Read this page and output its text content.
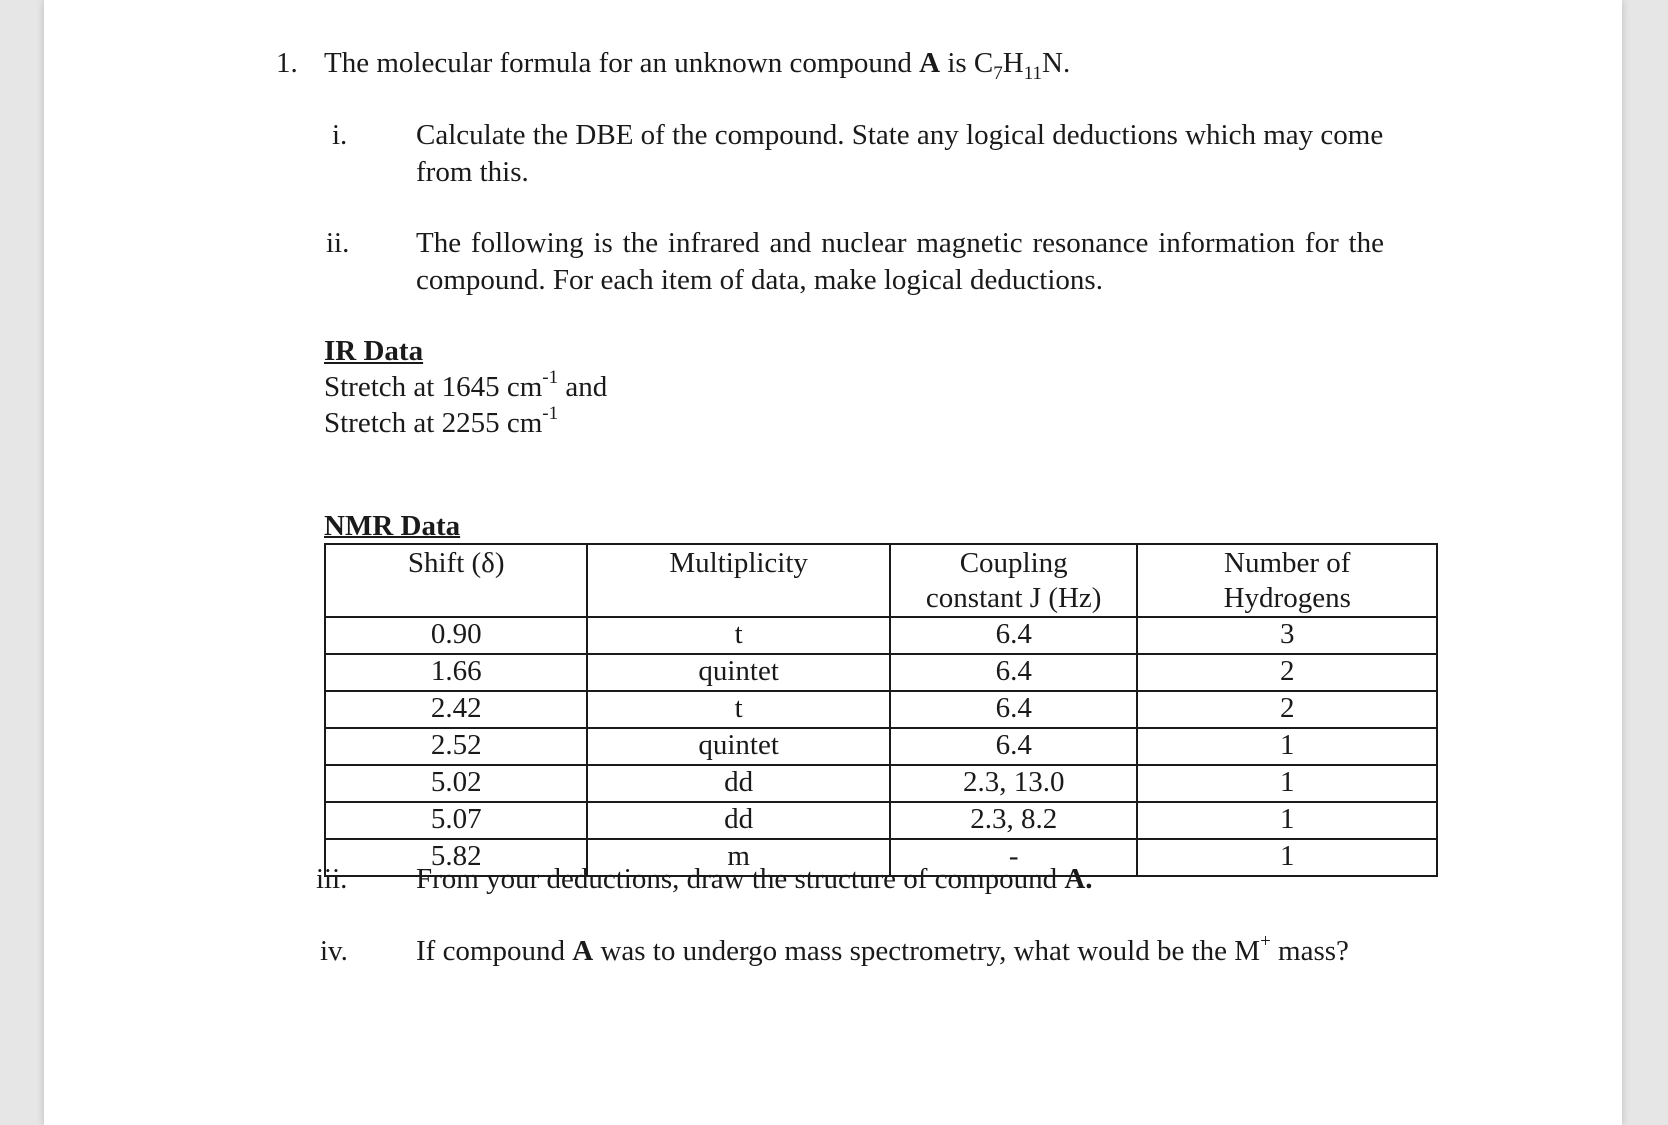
1. The molecular formula for an unknown compound A is $C_7H_{11}N$.
i. Calculate the DBE of the compound. State any logical deductions which may come from this.
ii. The following is the infrared and nuclear magnetic resonance information for the compound. For each item of data, make logical deductions.
IR Data
Stretch at 1645 $cm^{-1}$ and
Stretch at 2255 $cm^{-1}$
NMR Data
Shift (δ)	Multiplicity	Coupling constant J (Hz)	Number of Hydrogens
0.90	t	6.4	3
1.66	quintet	6.4	2
2.42	t	6.4	2
2.52	quintet	6.4	1
5.02	dd	2.3, 13.0	1
5.07	dd	2.3, 8.2	1
5.82	m	-	1
iii. From your deductions, draw the structure of compound A.
iv. If compound A was to undergo mass spectrometry, what would be the M+ mass?
